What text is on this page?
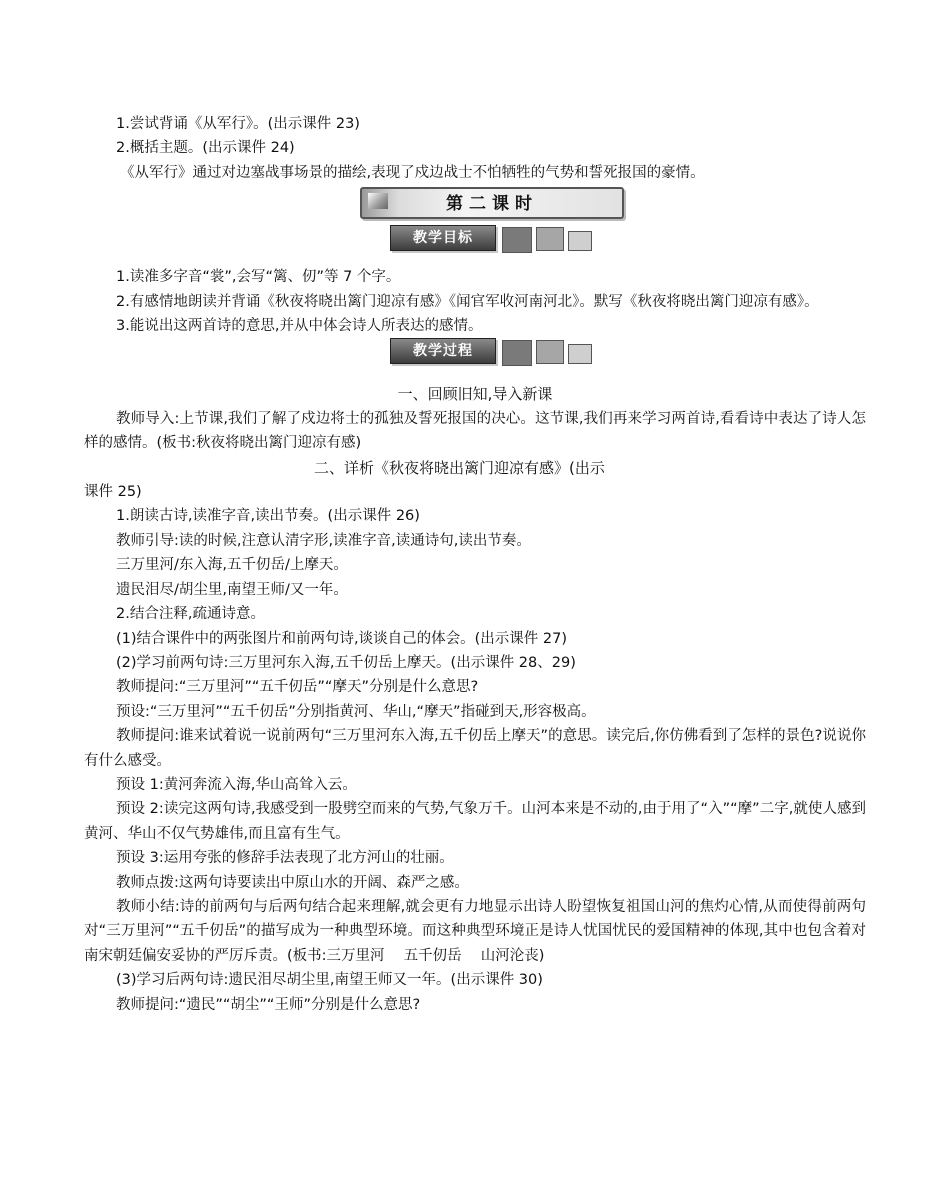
1.尝试背诵《从军行》。(出示课件 23)

2.概括主题。(出示课件 24)

《从军行》通过对边塞战事场景的描绘,表现了戍边战士不怕牺牲的气势和誓死报国的豪情。

第二课时
教学目标

1.读准多字音“裳”,会写“篱、仞”等 7 个字。

2.有感情地朗读并背诵《秋夜将晓出篱门迎凉有感》《闻官军收河南河北》。默写《秋夜将晓出篱门迎凉有感》。

3.能说出这两首诗的意思,并从中体会诗人所表达的感情。

教学过程

一、回顾旧知,导入新课

教师导入:上节课,我们了解了戍边将士的孤独及誓死报国的决心。这节课,我们再来学习两首诗,看看诗中表达了诗人怎样的感情。(板书:秋夜将晓出篱门迎凉有感)

二、详析《秋夜将晓出篱门迎凉有感》(出示

课件 25)

1.朗读古诗,读准字音,读出节奏。(出示课件 26)

教师引导:读的时候,注意认清字形,读准字音,读通诗句,读出节奏。

三万里河/东入海,五千仞岳/上摩天。

遗民泪尽/胡尘里,南望王师/又一年。

2.结合注释,疏通诗意。

(1)结合课件中的两张图片和前两句诗,谈谈自己的体会。(出示课件 27)

(2)学习前两句诗:三万里河东入海,五千仞岳上摩天。(出示课件 28、29)

教师提问:“三万里河”“五千仞岳”“摩天”分别是什么意思?

预设:“三万里河”“五千仞岳”分别指黄河、华山,“摩天”指碰到天,形容极高。

教师提问:谁来试着说一说前两句“三万里河东入海,五千仞岳上摩天”的意思。读完后,你仿佛看到了怎样的景色?说说你有什么感受。

预设 1:黄河奔流入海,华山高耸入云。

预设 2:读完这两句诗,我感受到一股劈空而来的气势,气象万千。山河本来是不动的,由于用了“入”“摩”二字,就使人感到黄河、华山不仅气势雄伟,而且富有生气。

预设 3:运用夸张的修辞手法表现了北方河山的壮丽。

教师点拨:这两句诗要读出中原山水的开阔、森严之感。

教师小结:诗的前两句与后两句结合起来理解,就会更有力地显示出诗人盼望恢复祖国山河的焦灼心情,从而使得前两句对“三万里河”“五千仞岳”的描写成为一种典型环境。而这种典型环境正是诗人忧国忧民的爱国精神的体现,其中也包含着对南宋朝廷偏安妥协的严厉斥责。(板书:三万里河　 五千仞岳　 山河沦丧)

(3)学习后两句诗:遗民泪尽胡尘里,南望王师又一年。(出示课件 30)

教师提问:“遗民”“胡尘”“王师”分别是什么意思?
